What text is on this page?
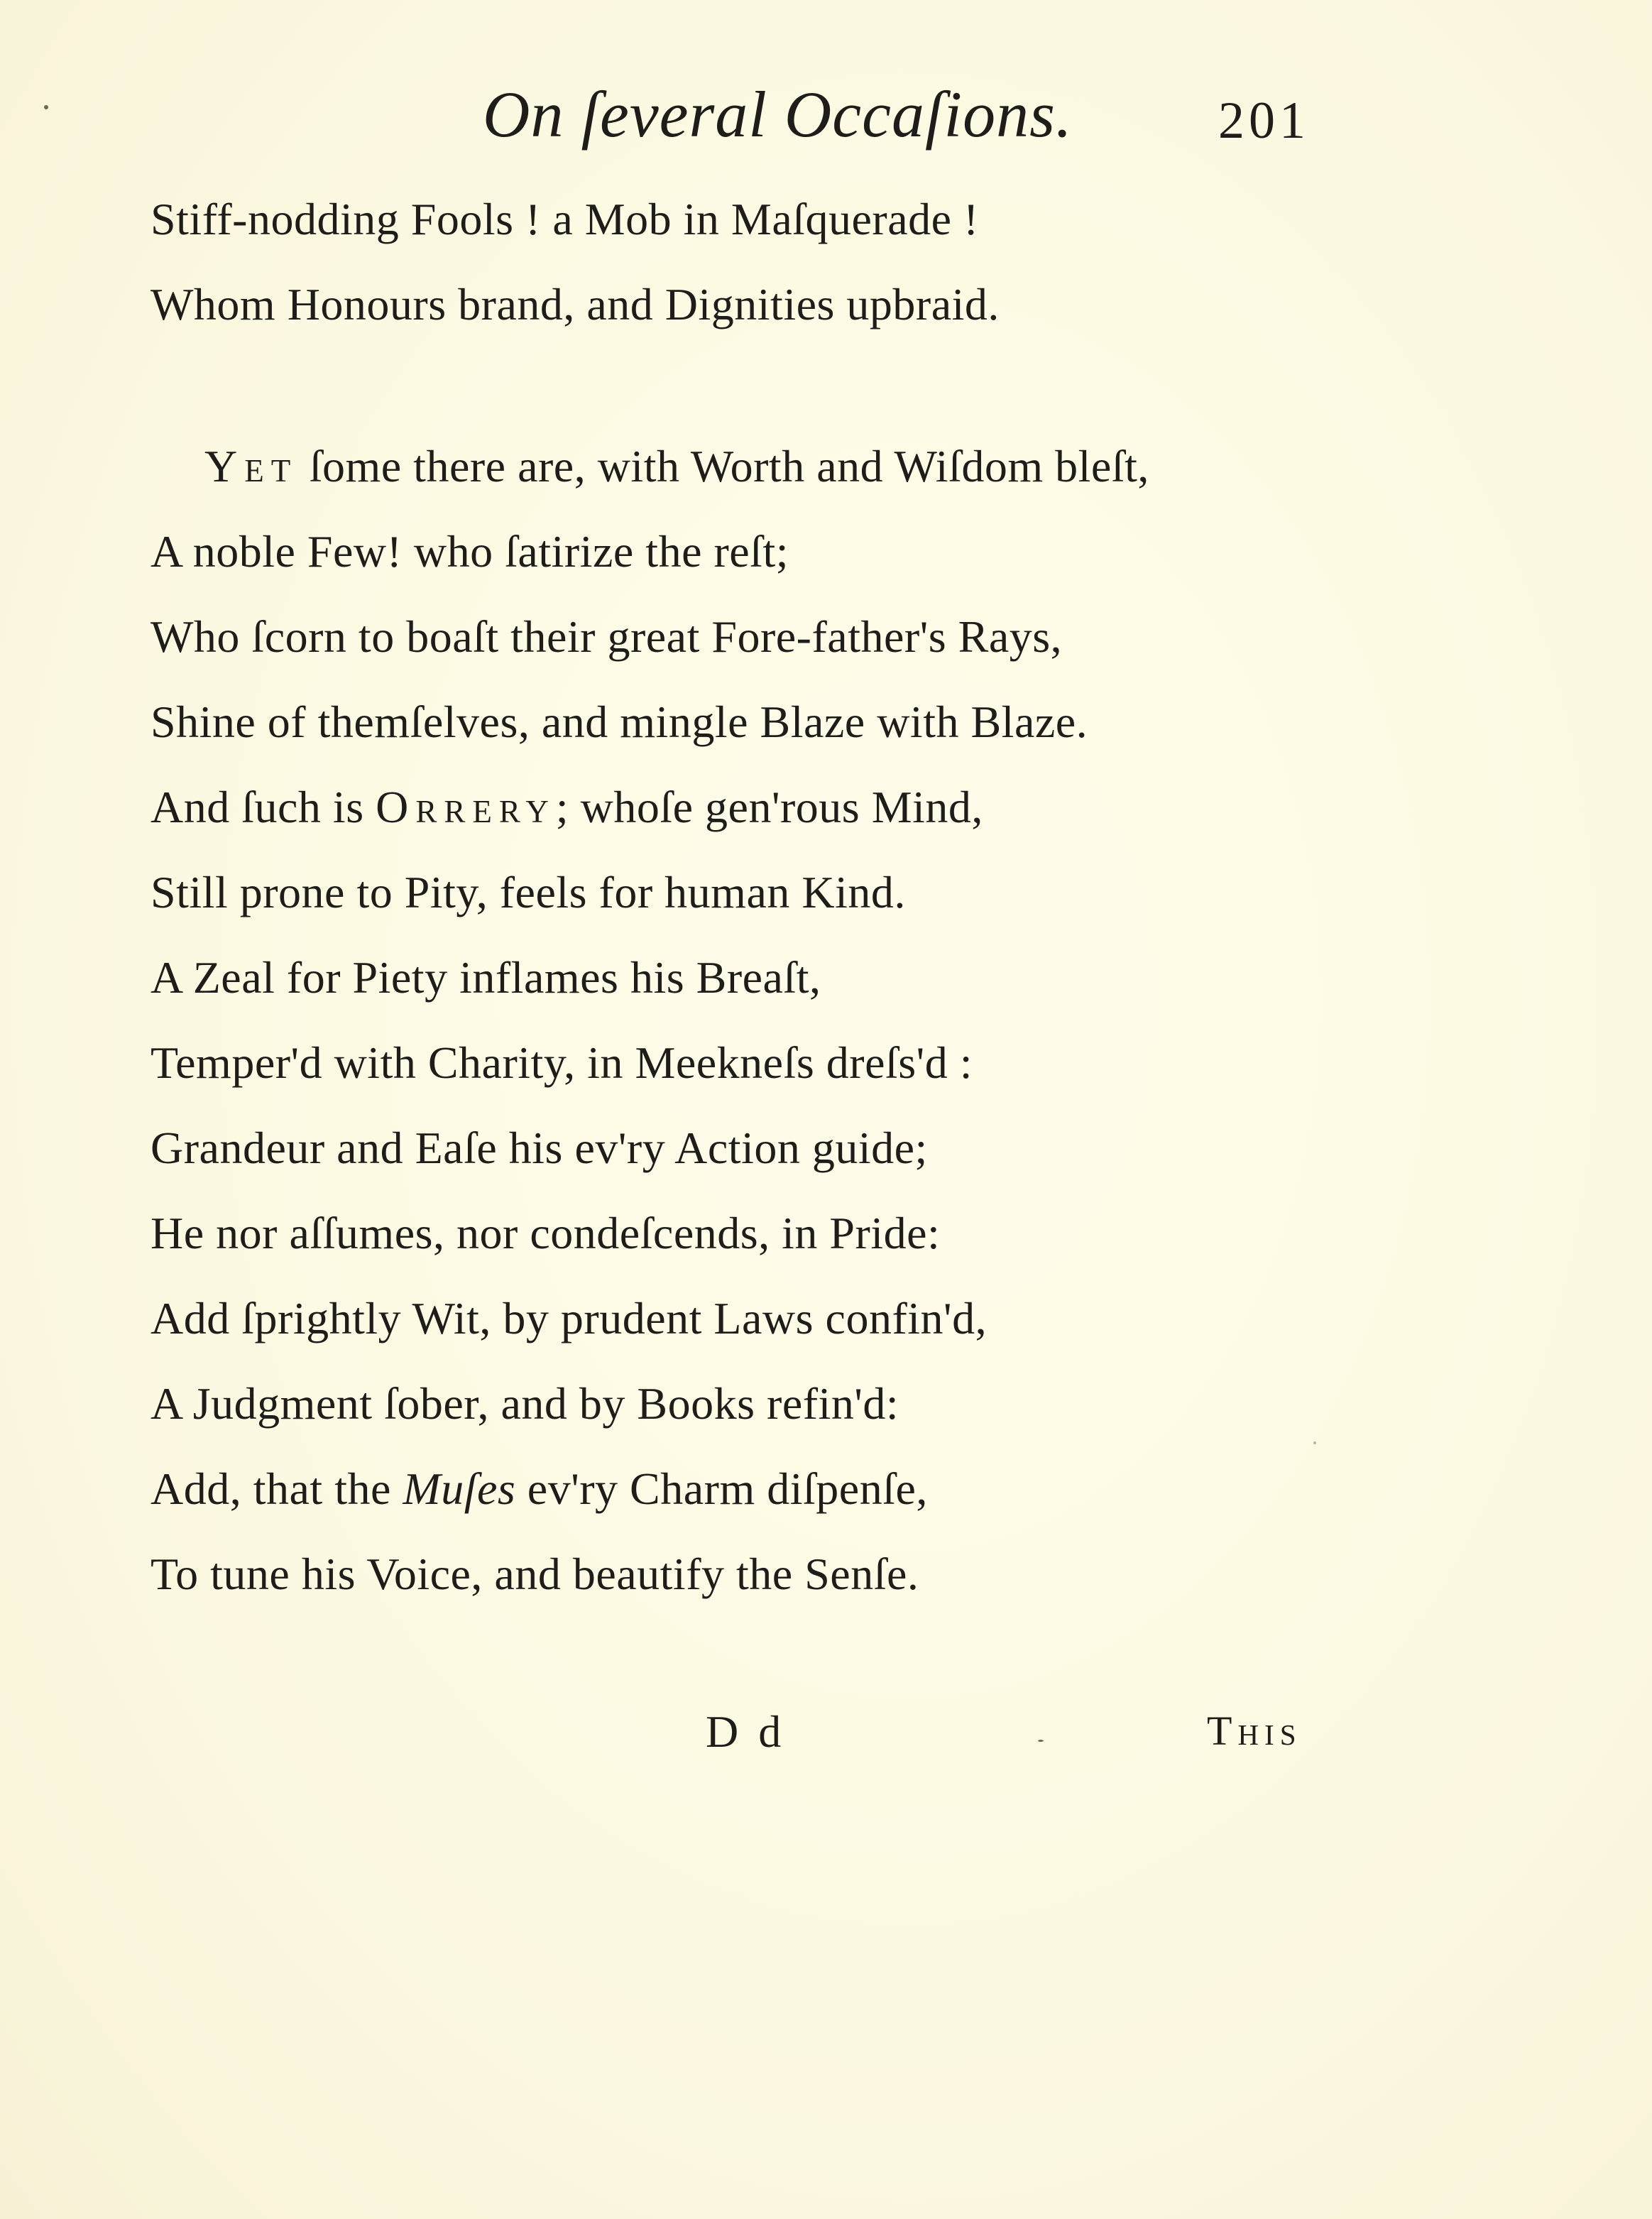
On ſeveral Occaſions.	201
Stiff-nodding Fools ! a Mob in Maſquerade !
Whom Honours brand, and Dignities upbraid.
Yet ſome there are, with Worth and Wiſdom bleſt,
A noble Few! who ſatirize the reſt;
Who ſcorn to boaſt their great Fore-father's Rays,
Shine of themſelves, and mingle Blaze with Blaze.
And ſuch is Orrery; whoſe gen'rous Mind,
Still prone to Pity, feels for human Kind.
A Zeal for Piety inflames his Breaſt,
Temper'd with Charity, in Meekneſs dreſs'd :
Grandeur and Eaſe his ev'ry Action guide;
He nor aſſumes, nor condeſcends, in Pride:
Add ſprightly Wit, by prudent Laws confin'd,
A Judgment ſober, and by Books refin'd:
Add, that the Muſes ev'ry Charm diſpenſe,
To tune his Voice, and beautify the Senſe.
D d	This
